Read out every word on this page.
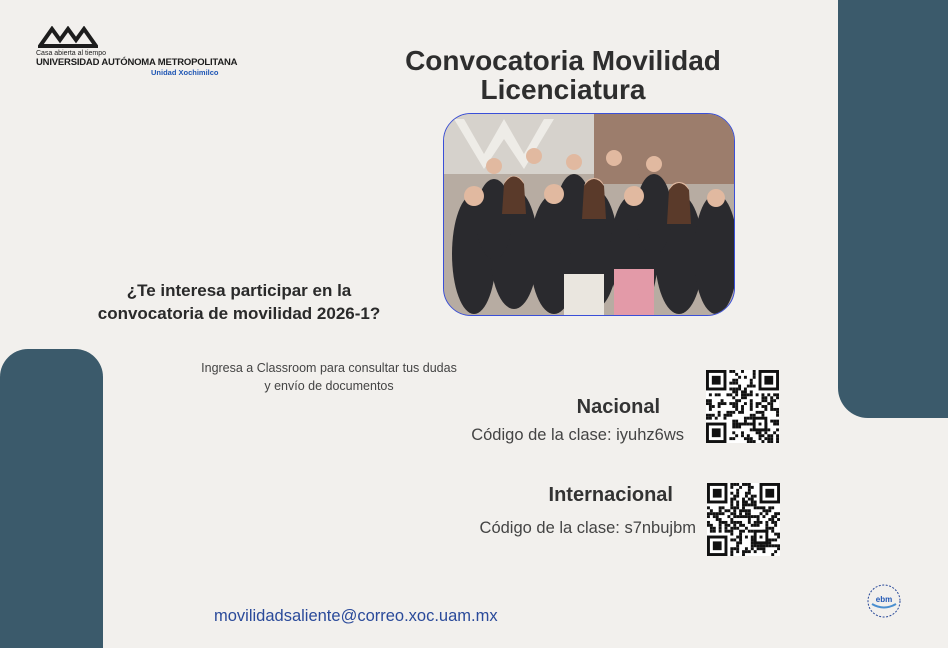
Casa abierta al tiempo
UNIVERSIDAD AUTÓNOMA METROPOLITANA
Unidad Xochimilco	Convocatoria Movilidad
Licenciatura
¿Te interesa participar en la
convocatoria de movilidad 2026-1?
Ingresa a Classroom para consultar tus dudas
y envío de documentos
Nacional
Código de la clase: iyuhz6ws
Internacional
Código de la clase: s7nbujbm
movilidadsaliente@correo.xoc.uam.mx
ebm
